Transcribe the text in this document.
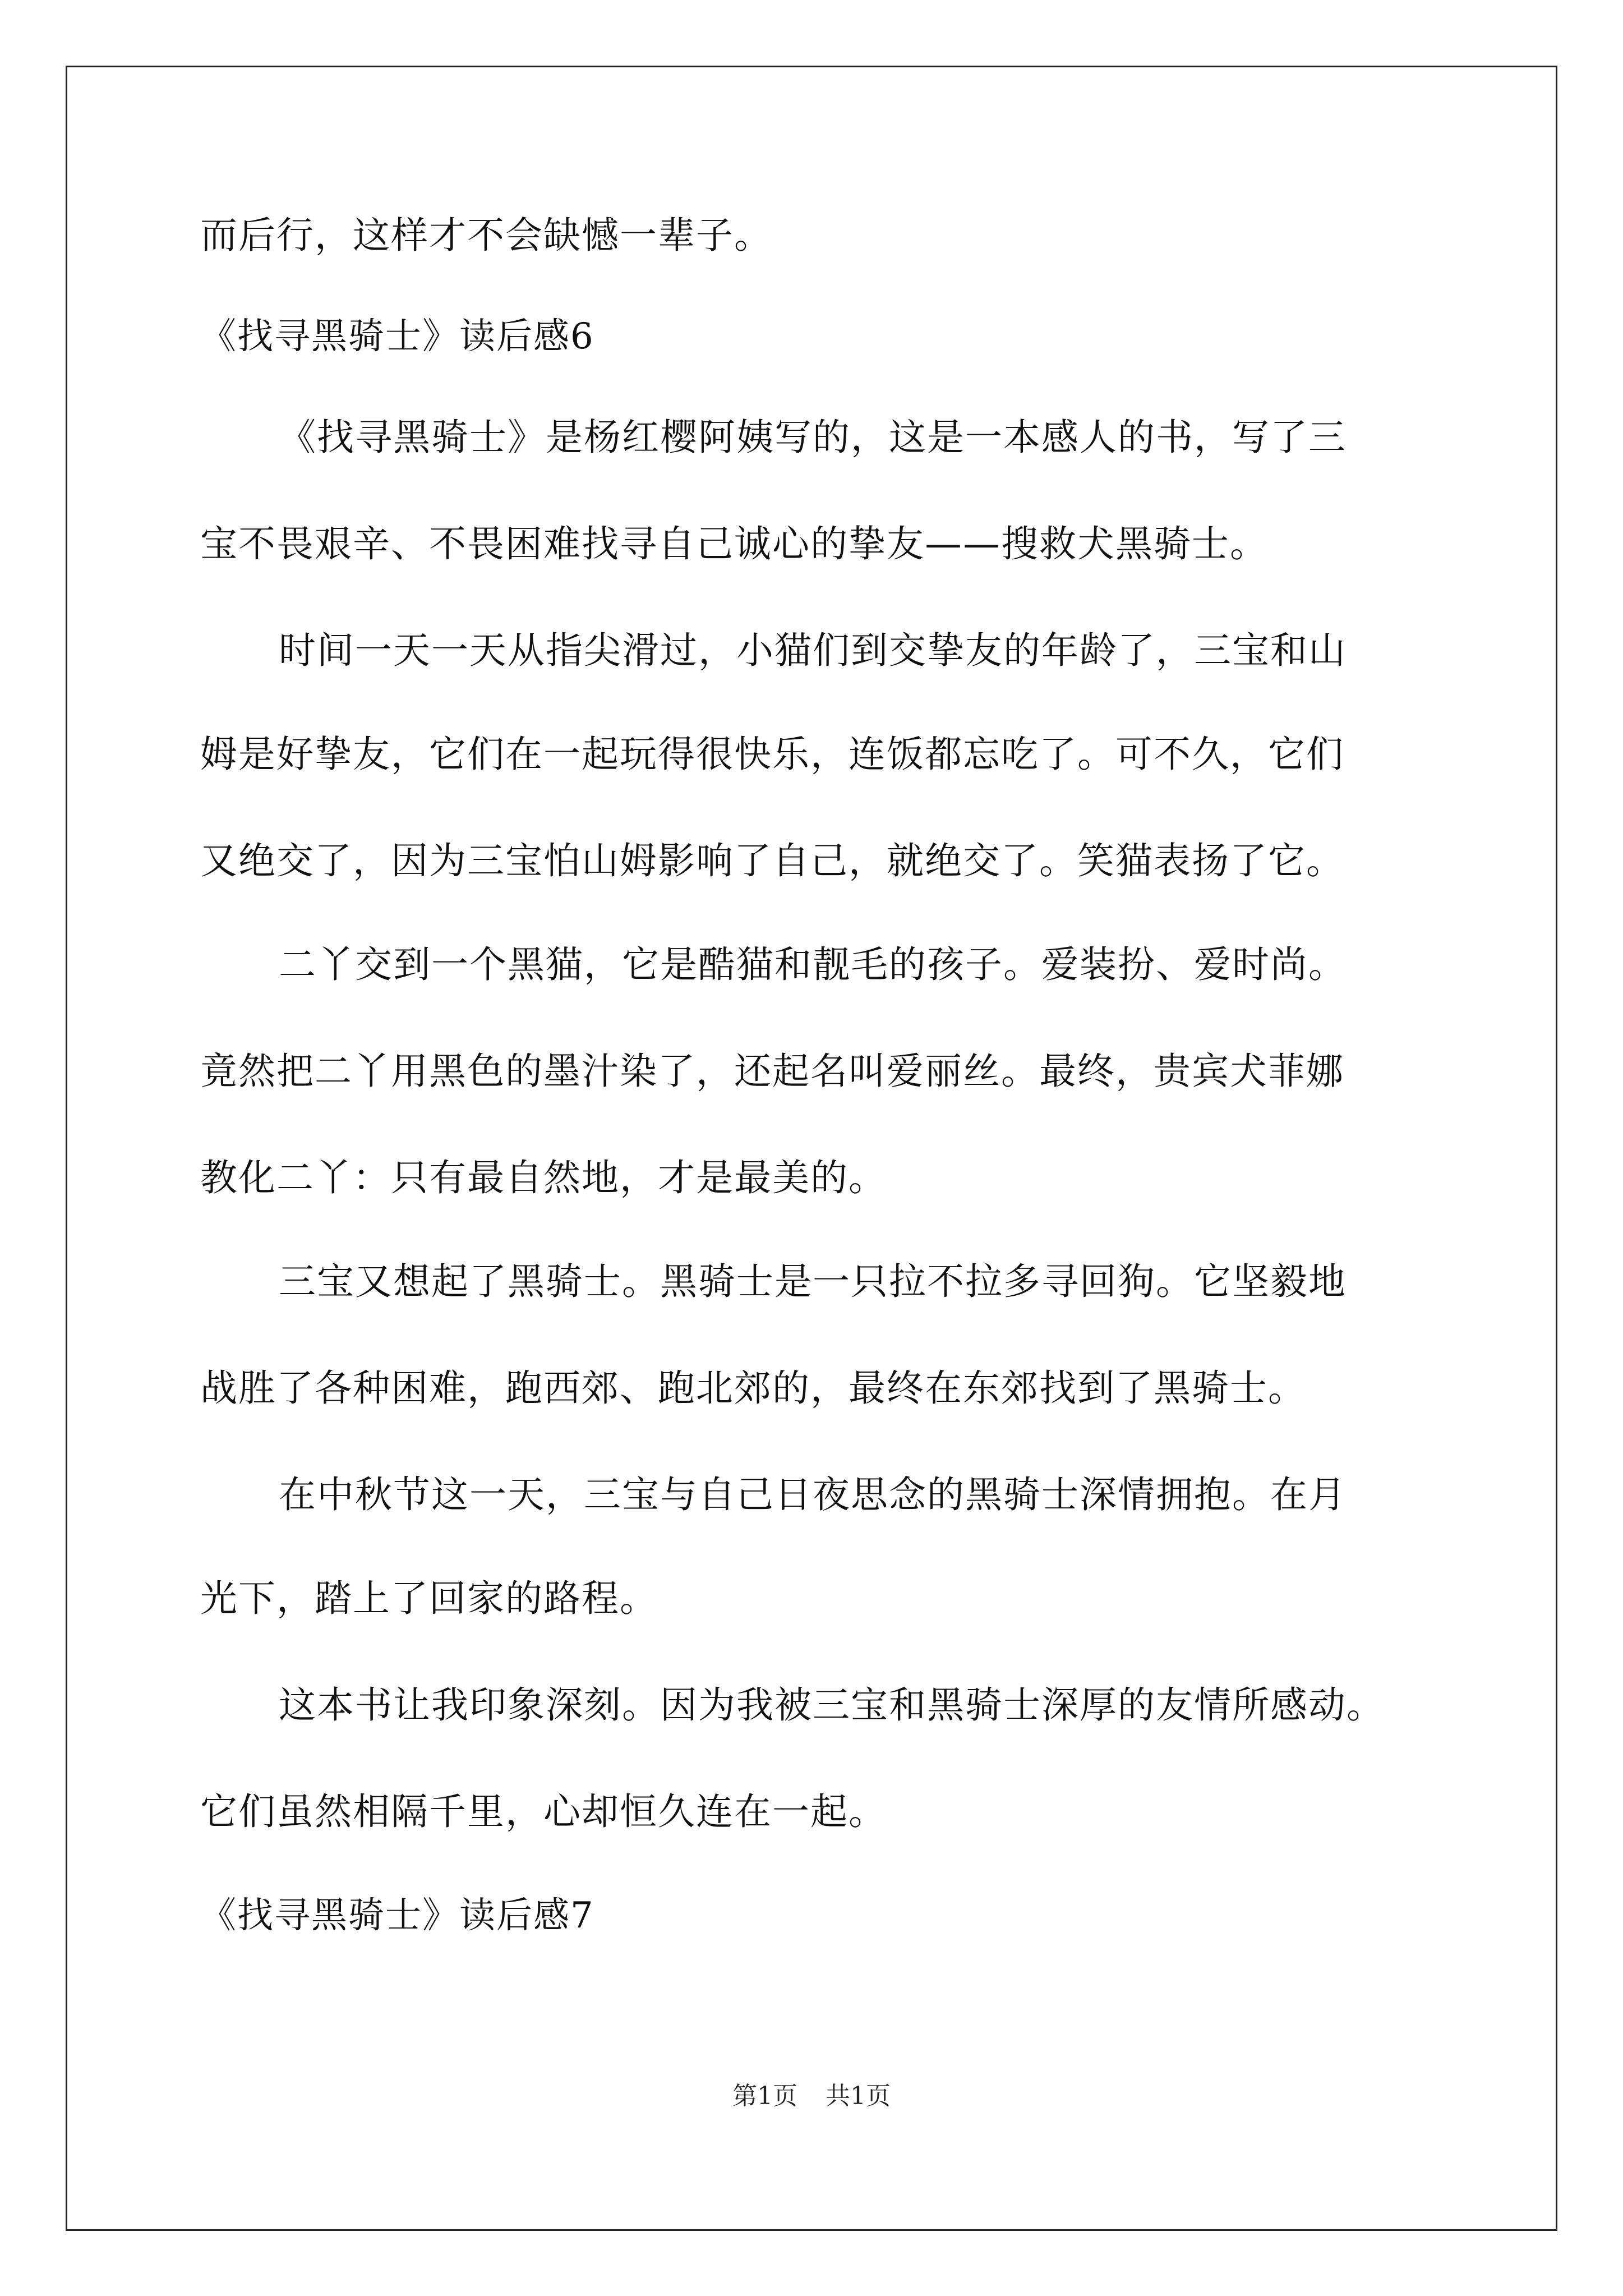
而后行，这样才不会缺憾一辈子。
《找寻黑骑士》读后感6
《找寻黑骑士》是杨红樱阿姨写的，这是一本感人的书，写了三
宝不畏艰辛、不畏困难找寻自己诚心的挚友——搜救犬黑骑士。
时间一天一天从指尖滑过，小猫们到交挚友的年龄了，三宝和山
姆是好挚友，它们在一起玩得很快乐，连饭都忘吃了。可不久，它们
又绝交了，因为三宝怕山姆影响了自己，就绝交了。笑猫表扬了它。
二丫交到一个黑猫，它是酷猫和靓毛的孩子。爱装扮、爱时尚。
竟然把二丫用黑色的墨汁染了，还起名叫爱丽丝。最终，贵宾犬菲娜
教化二丫：只有最自然地，才是最美的。
三宝又想起了黑骑士。黑骑士是一只拉不拉多寻回狗。它坚毅地
战胜了各种困难，跑西郊、跑北郊的，最终在东郊找到了黑骑士。
在中秋节这一天，三宝与自己日夜思念的黑骑士深情拥抱。在月
光下，踏上了回家的路程。
这本书让我印象深刻。因为我被三宝和黑骑士深厚的友情所感动。
它们虽然相隔千里，心却恒久连在一起。
《找寻黑骑士》读后感7
第1页 共1页
